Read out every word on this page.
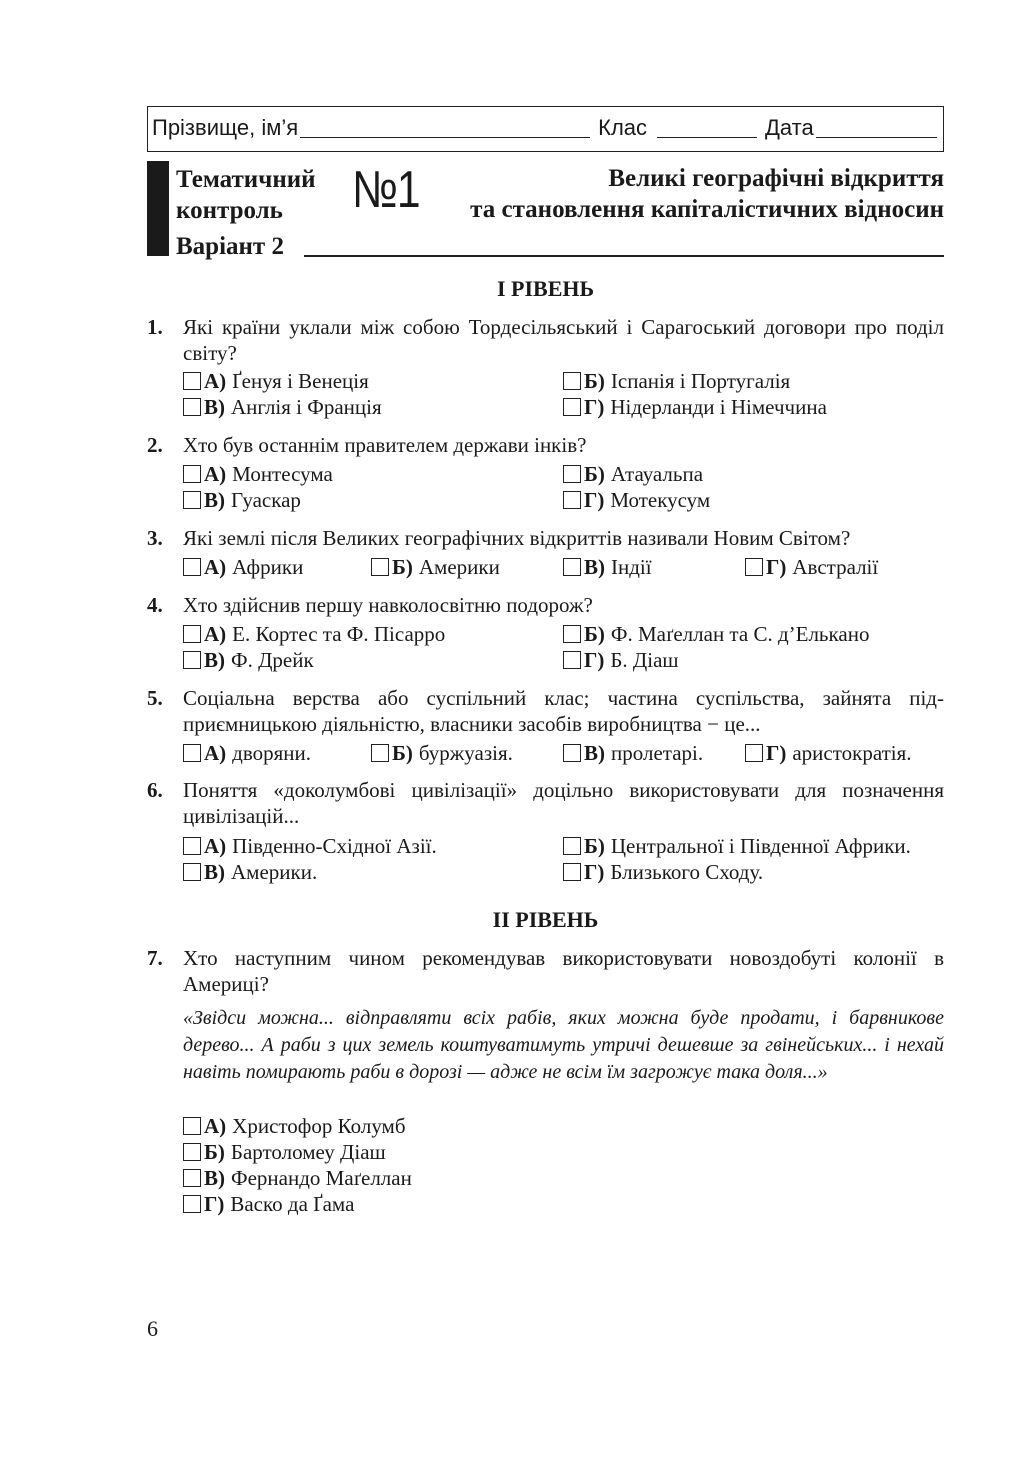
Прізвище, ім’я	Клас	Дата
Тематичний
контроль
Варіант 2
№1	Великі географічні відкриття
та становлення капіталістичних відносин
І РІВЕНЬ
1. Які країни уклали між собою Тордесільяський і Сарагоський договори про поділ світу?
А) Ґенуя і Венеція	Б) Іспанія і Португалія
В) Англія і Франція	Г) Нідерланди і Німеччина
2. Хто був останнім правителем держави інків?
А) Монтесума	Б) Атауальпа
В) Гуаскар	Г) Мотекусум
3. Які землі після Великих географічних відкриттів називали Новим Світом?
А) Африки	Б) Америки	В) Індії	Г) Австралії
4. Хто здійснив першу навколосвітню подорож?
А) Е. Кортес та Ф. Пісарро	Б) Ф. Маґеллан та С. д’Елькано
В) Ф. Дрейк	Г) Б. Діаш
5. Соціальна верства або суспільний клас; частина суспільства, зайнята підприємницькою діяльністю, власники засобів виробництва − це...
А) дворяни.	Б) буржуазія.	В) пролетарі.	Г) аристократія.
6. Поняття «доколумбові цивілізації» доцільно використовувати для позначення цивілізацій...
А) Південно-Східної Азії.	Б) Центральної і Південної Африки.
В) Америки.	Г) Близького Сходу.
ІІ РІВЕНЬ
7. Хто наступним чином рекомендував використовувати новоздобуті колонії в Америці?
«Звідси можна... відправляти всіх рабів, яких можна буде продати, і барвникове дерево... А раби з цих земель коштуватимуть утричі дешевше за гвінейських... і нехай навіть помирають раби в дорозі — адже не всім їм загрожує така доля...»
А) Христофор Колумб
Б) Бартоломеу Діаш
В) Фернандо Маґеллан
Г) Васко да Ґама
6
